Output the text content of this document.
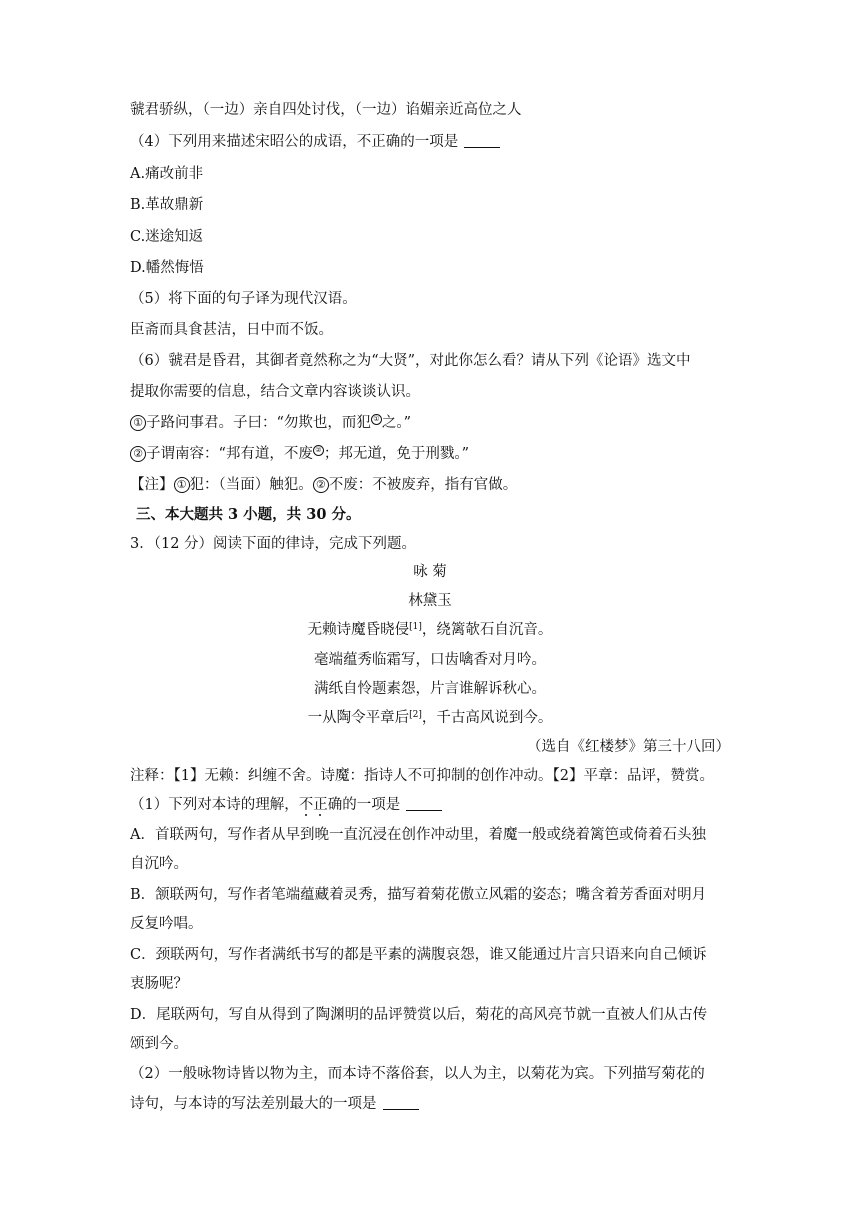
虢君骄纵，（一边）亲自四处讨伐，（一边）谄媚亲近高位之人
（4）下列用来描述宋昭公的成语，不正确的一项是
A.痛改前非
B.革故鼎新
C.迷途知返
D.幡然悔悟
（5）将下面的句子译为现代汉语。
臣斋而具食甚洁，日中而不饭。
（6）虢君是昏君，其御者竟然称之为“大贤”，对此你怎么看？请从下列《论语》选文中
提取你需要的信息，结合文章内容谈谈认识。
① 子路问事君。子曰：“勿欺也，而犯 ① 之。”
② 子谓南容：“邦有道，不废 ② ；邦无道，免于刑戮。”
【注】 ① 犯：（当面）触犯。 ② 不废：不被废弃，指有官做。
三、本大题共 3 小题，共 30 分。
3．（12 分）阅读下面的律诗，完成下列题。
咏 菊
林黛玉
无赖诗魔昏晓侵[1]，绕篱欹石自沉音。
毫端蕴秀临霜写，口齿噙香对月吟。
满纸自怜题素怨，片言谁解诉秋心。
一从陶令平章后[2]，千古高风说到今。
（选自《红楼梦》第三十八回）
注释：【1】无赖：纠缠不舍。诗魔：指诗人不可抑制的创作冲动。【2】平章：品评，赞赏。
（1）下列对本诗的理解，不正确的一项是
A．首联两句，写作者从早到晚一直沉浸在创作冲动里，着魔一般或绕着篱笆或倚着石头独
自沉吟。
B．颔联两句，写作者笔端蕴藏着灵秀，描写着菊花傲立风霜的姿态；嘴含着芳香面对明月
反复吟唱。
C．颈联两句，写作者满纸书写的都是平素的满腹哀怨，谁又能通过片言只语来向自己倾诉
衷肠呢？
D．尾联两句，写自从得到了陶渊明的品评赞赏以后，菊花的高风亮节就一直被人们从古传
颂到今。
（2）一般咏物诗皆以物为主，而本诗不落俗套，以人为主，以菊花为宾。下列描写菊花的
诗句，与本诗的写法差别最大的一项是
